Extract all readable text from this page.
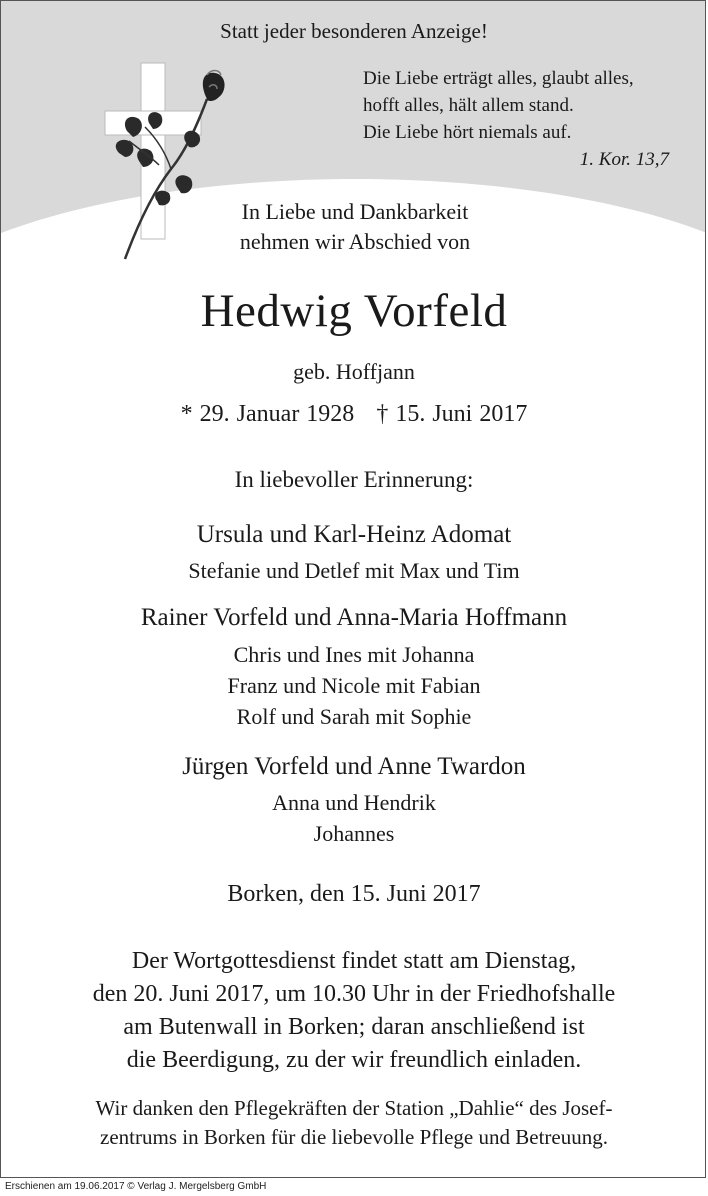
Statt jeder besonderen Anzeige!
Die Liebe erträgt alles, glaubt alles,
hofft alles, hält allem stand.
Die Liebe hört niemals auf.
1. Kor. 13,7
In Liebe und Dankbarkeit
nehmen wir Abschied von
Hedwig Vorfeld
geb. Hoffjann
* 29. Januar 1928 † 15. Juni 2017
In liebevoller Erinnerung:
Ursula und Karl-Heinz Adomat
Stefanie und Detlef mit Max und Tim
Rainer Vorfeld und Anna-Maria Hoffmann
Chris und Ines mit Johanna
Franz und Nicole mit Fabian
Rolf und Sarah mit Sophie
Jürgen Vorfeld und Anne Twardon
Anna und Hendrik
Johannes
Borken, den 15. Juni 2017
Der Wortgottesdienst findet statt am Dienstag,
den 20. Juni 2017, um 10.30 Uhr in der Friedhofshalle
am Butenwall in Borken; daran anschließend ist
die Beerdigung, zu der wir freundlich einladen.
Wir danken den Pflegekräften der Station „Dahlie“ des Josef-
zentrums in Borken für die liebevolle Pflege und Betreuung.
Erschienen am 19.06.2017 © Verlag J. Mergelsberg GmbH
